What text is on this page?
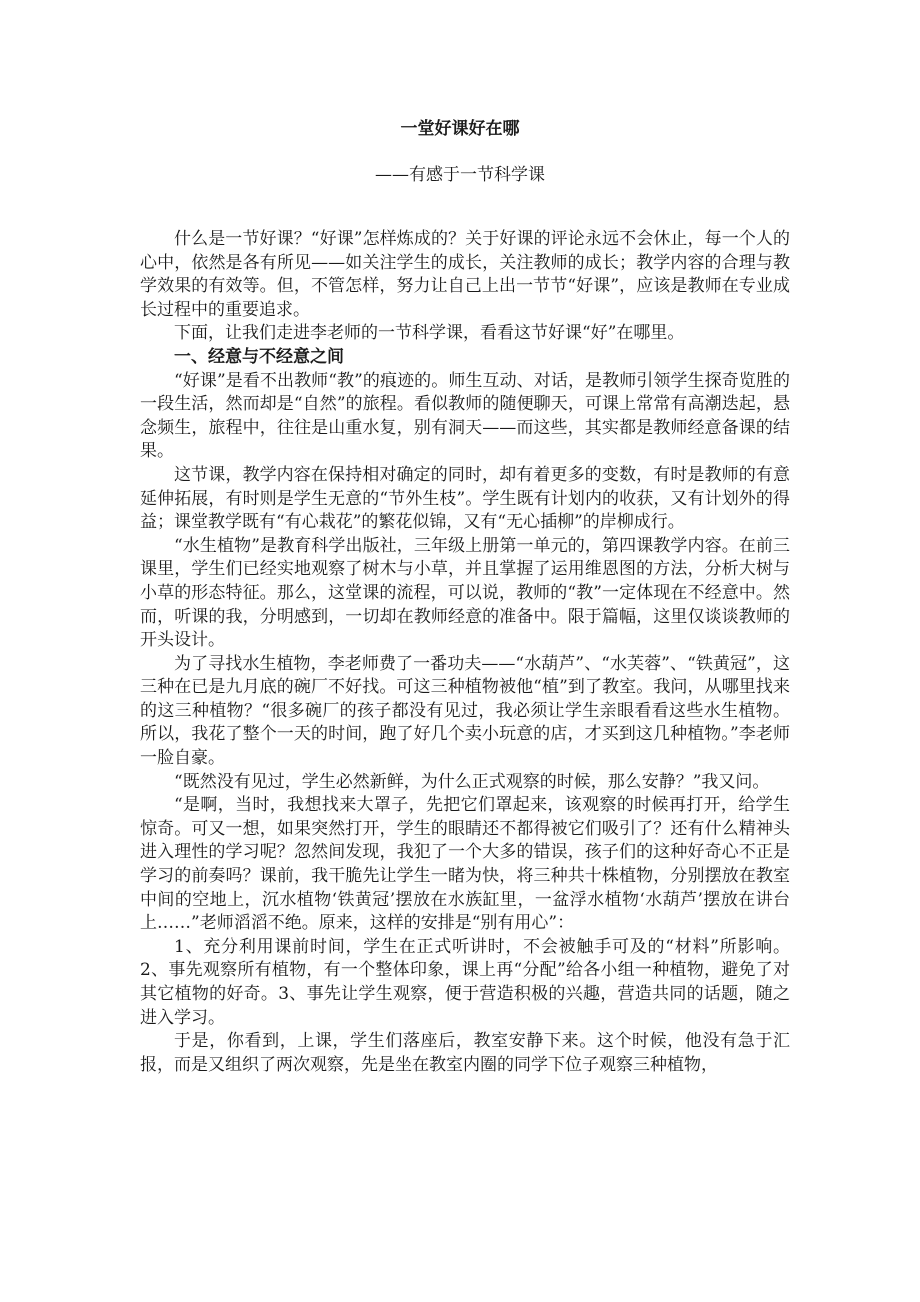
一堂好课好在哪
——有感于一节科学课

什么是一节好课？“好课”怎样炼成的？关于好课的评论永远不会休止，每一个人的心中，依然是各有所见——如关注学生的成长，关注教师的成长；教学内容的合理与教学效果的有效等。但，不管怎样，努力让自己上出一节节“好课”，应该是教师在专业成长过程中的重要追求。

下面，让我们走进李老师的一节科学课，看看这节好课“好”在哪里。

一、经意与不经意之间

“好课”是看不出教师“教”的痕迹的。师生互动、对话，是教师引领学生探奇览胜的一段生活，然而却是“自然”的旅程。看似教师的随便聊天，可课上常常有高潮迭起，悬念频生，旅程中，往往是山重水复，别有洞天——而这些，其实都是教师经意备课的结果。

这节课，教学内容在保持相对确定的同时，却有着更多的变数，有时是教师的有意延伸拓展，有时则是学生无意的“节外生枝”。学生既有计划内的收获，又有计划外的得益；课堂教学既有“有心栽花”的繁花似锦，又有“无心插柳”的岸柳成行。

“水生植物”是教育科学出版社，三年级上册第一单元的，第四课教学内容。在前三课里，学生们已经实地观察了树木与小草，并且掌握了运用维恩图的方法，分析大树与小草的形态特征。那么，这堂课的流程，可以说，教师的“教”一定体现在不经意中。然而，听课的我，分明感到，一切却在教师经意的准备中。限于篇幅，这里仅谈谈教师的开头设计。

为了寻找水生植物，李老师费了一番功夫——“水葫芦”、“水芙蓉”、“铁黄冠”，这三种在已是九月底的碗厂不好找。可这三种植物被他“植”到了教室。我问，从哪里找来的这三种植物？“很多碗厂的孩子都没有见过，我必须让学生亲眼看看这些水生植物。所以，我花了整个一天的时间，跑了好几个卖小玩意的店，才买到这几种植物。”李老师一脸自豪。

“既然没有见过，学生必然新鲜，为什么正式观察的时候，那么安静？”我又问。

“是啊，当时，我想找来大罩子，先把它们罩起来，该观察的时候再打开，给学生惊奇。可又一想，如果突然打开，学生的眼睛还不都得被它们吸引了？还有什么精神头进入理性的学习呢？忽然间发现，我犯了一个大多的错误，孩子们的这种好奇心不正是学习的前奏吗？课前，我干脆先让学生一睹为快，将三种共十株植物，分别摆放在教室中间的空地上，沉水植物‘铁黄冠’摆放在水族缸里，一盆浮水植物‘水葫芦’摆放在讲台上……”老师滔滔不绝。原来，这样的安排是“别有用心”：

1、充分利用课前时间，学生在正式听讲时，不会被触手可及的“材料”所影响。2、事先观察所有植物，有一个整体印象，课上再“分配”给各小组一种植物，避免了对其它植物的好奇。3、事先让学生观察，便于营造积极的兴趣，营造共同的话题，随之进入学习。

于是，你看到，上课，学生们落座后，教室安静下来。这个时候，他没有急于汇报，而是又组织了两次观察，先是坐在教室内圈的同学下位子观察三种植物，
